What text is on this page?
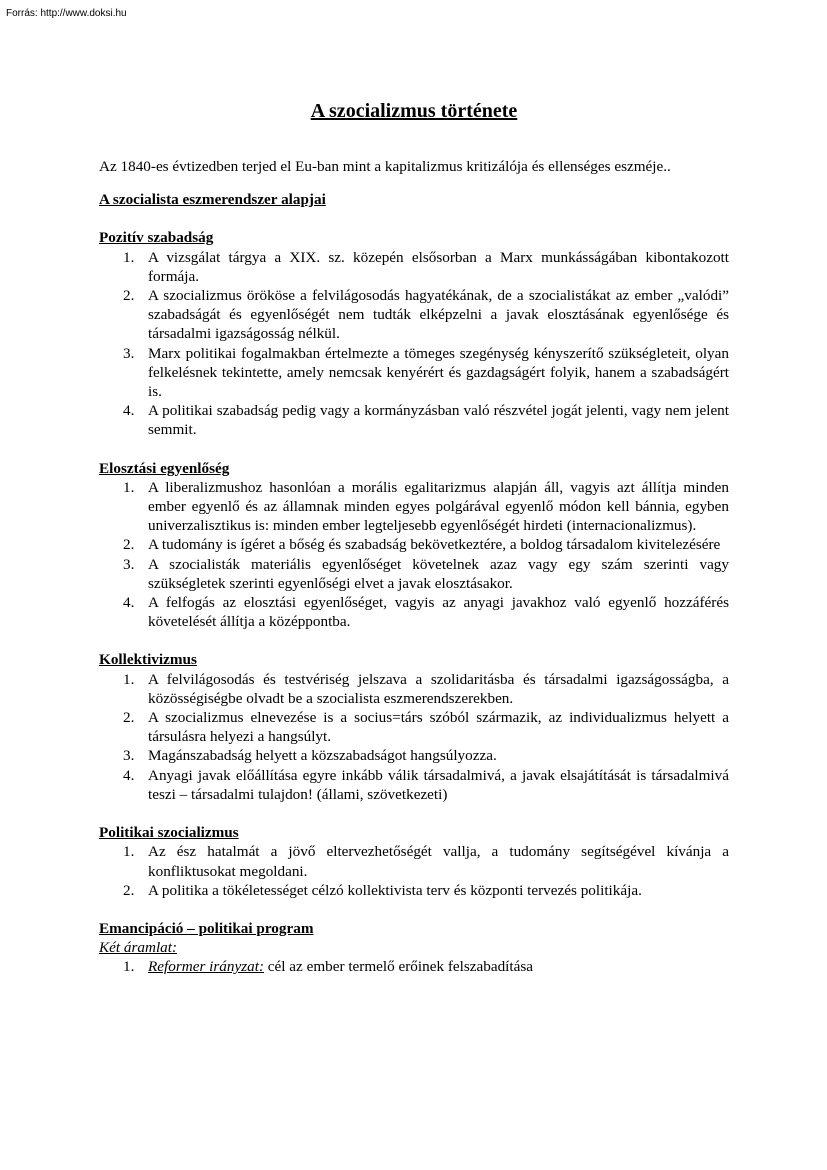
Forrás: http://www.doksi.hu
A szocializmus története

Az 1840-es évtizedben terjed el Eu-ban mint a kapitalizmus kritizálója és ellenséges eszméje..

A szocialista eszmerendszer alapjai

Pozitív szabadság

1. A vizsgálat tárgya a XIX. sz. közepén elsősorban a Marx munkásságában kibontakozott formája.
2. A szocializmus örököse a felvilágosodás hagyatékának, de a szocialistákat az ember „valódi” szabadságát és egyenlőségét nem tudták elképzelni a javak elosztásának egyenlősége és társadalmi igazságosság nélkül.
3. Marx politikai fogalmakban értelmezte a tömeges szegénység kényszerítő szükségleteit, olyan felkelésnek tekintette, amely nemcsak kenyérért és gazdagságért folyik, hanem a szabadságért is.
4. A politikai szabadság pedig vagy a kormányzásban való részvétel jogát jelenti, vagy nem jelent semmit.

Elosztási egyenlőség

1. A liberalizmushoz hasonlóan a morális egalitarizmus alapján áll, vagyis azt állítja minden ember egyenlő és az államnak minden egyes polgárával egyenlő módon kell bánnia, egyben univerzalisztikus is: minden ember legteljesebb egyenlőségét hirdeti (internacionalizmus).
2. A tudomány is ígéret a bőség és szabadság bekövetkeztére, a boldog társadalom kivitelezésére
3. A szocialisták materiális egyenlőséget követelnek azaz vagy egy szám szerinti vagy szükségletek szerinti egyenlőségi elvet a javak elosztásakor.
4. A felfogás az elosztási egyenlőséget, vagyis az anyagi javakhoz való egyenlő hozzáférés követelését állítja a középpontba.

Kollektivizmus

1. A felvilágosodás és testvériség jelszava a szolidaritásba és társadalmi igazságosságba, a közösségiségbe olvadt be a szocialista eszmerendszerekben.
2. A szocializmus elnevezése is a socius=társ szóból származik, az individualizmus helyett a társulásra helyezi a hangsúlyt.
3. Magánszabadság helyett a közszabadságot hangsúlyozza.
4. Anyagi javak előállítása egyre inkább válik társadalmivá, a javak elsajátítását is társadalmivá teszi – társadalmi tulajdon! (állami, szövetkezeti)

Politikai szocializmus

1. Az ész hatalmát a jövő eltervezhetőségét vallja, a tudomány segítségével kívánja a konfliktusokat megoldani.
2. A politika a tökéletességet célzó kollektivista terv és központi tervezés politikája.

Emancipáció – politikai program

Két áramlat:

1. Reformer irányzat: cél az ember termelő erőinek felszabadítása
